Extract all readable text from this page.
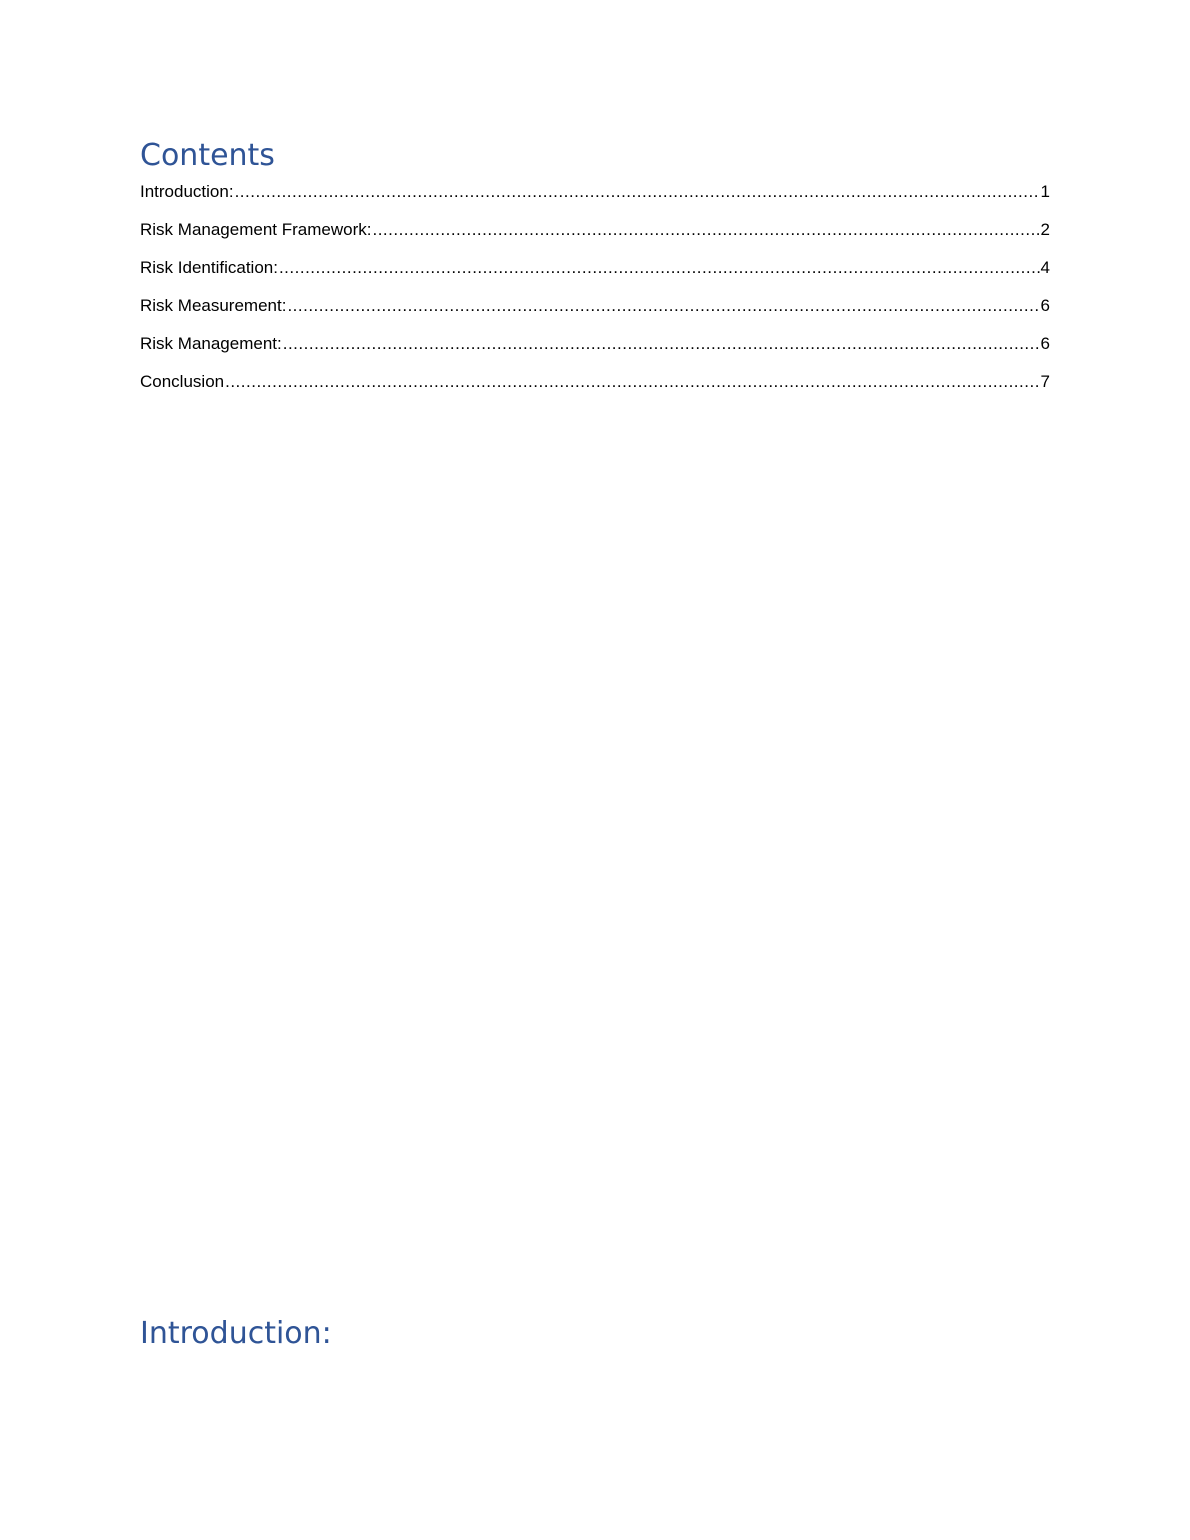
Contents
Introduction: .....	1
Risk Management Framework: .....	2
Risk Identification: .....	4
Risk Measurement: .....	6
Risk Management: .....	6
Conclusion .....	7
Introduction:
